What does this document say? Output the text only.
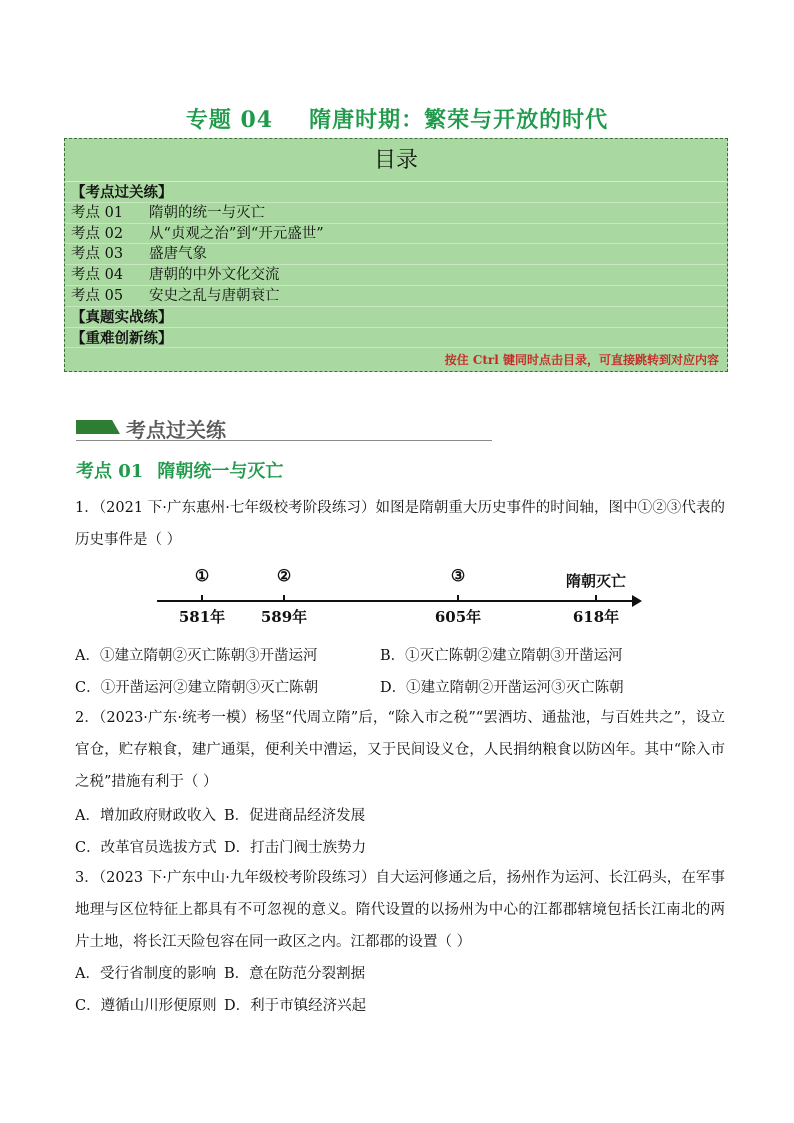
专题 04 隋唐时期：繁荣与开放的时代
目录
【考点过关练】
考点 01 隋朝的统一与灭亡
考点 02 从“贞观之治”到“开元盛世”
考点 03 盛唐气象
考点 04 唐朝的中外文化交流
考点 05 安史之乱与唐朝衰亡
【真题实战练】
【重难创新练】
按住 Ctrl 键同时点击目录，可直接跳转到对应内容
考点过关练
考点 01 隋朝统一与灭亡
1．（2021 下·广东惠州·七年级校考阶段练习）如图是隋朝重大历史事件的时间轴，图中①②③代表的历史事件是（ ）
①
581年
②
589年
③
605年
隋朝灭亡
618年
A．①建立隋朝②灭亡陈朝③开凿运河	B．①灭亡陈朝②建立隋朝③开凿运河
C．①开凿运河②建立隋朝③灭亡陈朝	D．①建立隋朝②开凿运河③灭亡陈朝
2．（2023·广东·统考一模）杨坚“代周立隋”后，“除入市之税”“罢酒坊、通盐池，与百姓共之”，设立官仓，贮存粮食，建广通渠，便利关中漕运，又于民间设义仓，人民捐纳粮食以防凶年。其中“除入市之税”措施有利于（ ）
A．增加政府财政收入 B．促进商品经济发展
C．改革官员选拔方式 D．打击门阀士族势力
3．（2023 下·广东中山·九年级校考阶段练习）自大运河修通之后，扬州作为运河、长江码头，在军事地理与区位特征上都具有不可忽视的意义。隋代设置的以扬州为中心的江都郡辖境包括长江南北的两片土地，将长江天险包容在同一政区之内。江都郡的设置（ ）
A．受行省制度的影响 B．意在防范分裂割据
C．遵循山川形便原则 D．利于市镇经济兴起
